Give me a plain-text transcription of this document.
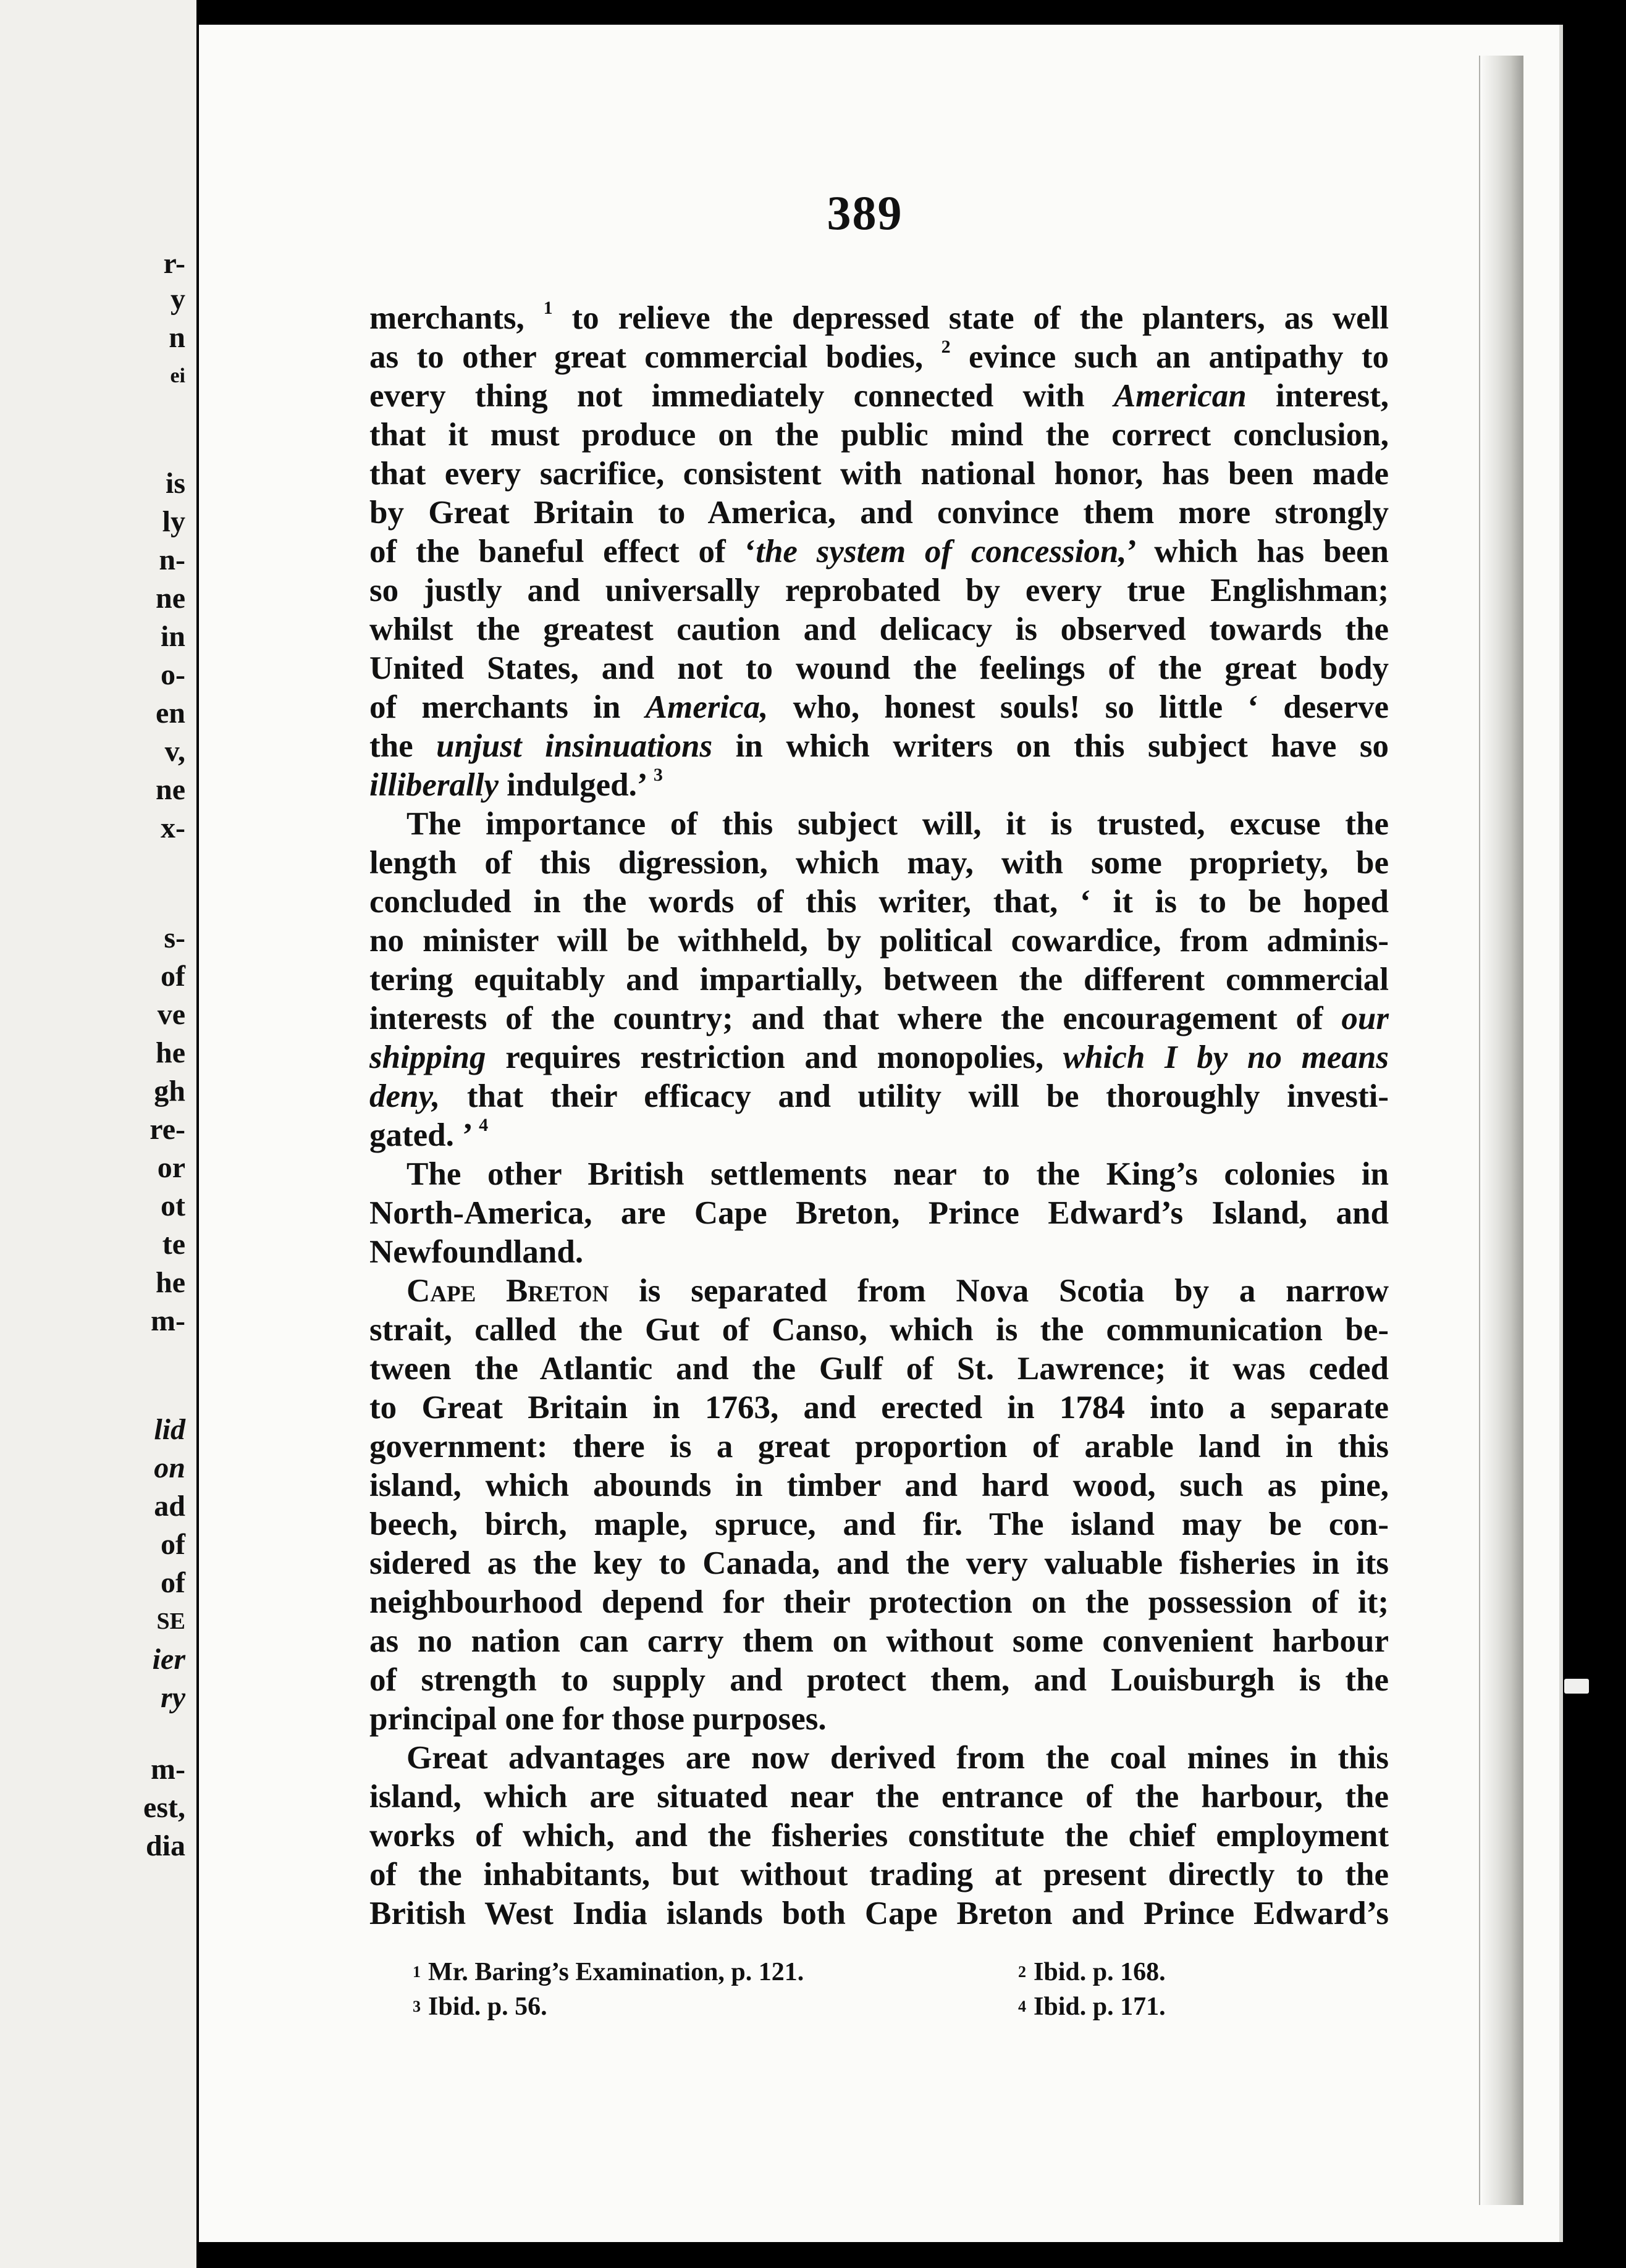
r-
y
n
ei
is
ly
n-
ne
in
o-
en
v,
ne
x-
s-
of
ve
he
gh
re-
or
ot
te
he
m-
lid
on
ad
of
of
SE
ier
ry
m-
est,
dia
389
merchants, $^1$ to relieve the depressed state of the planters, as well
as to other great commercial bodies, $^2$ evince such an antipathy to
every thing not immediately connected with American interest,
that it must produce on the public mind the correct conclusion,
that every sacrifice, consistent with national honor, has been made
by Great Britain to America, and convince them more strongly
of the baneful effect of ‘the system of concession,’ which has been
so justly and universally reprobated by every true Englishman;
whilst the greatest caution and delicacy is observed towards the
United States, and not to wound the feelings of the great body
of merchants in America, who, honest souls! so little ‘ deserve
the unjust insinuations in which writers on this subject have so
illiberally indulged.’ $^3$
The importance of this subject will, it is trusted, excuse the
length of this digression, which may, with some propriety, be
concluded in the words of this writer, that, ‘ it is to be hoped
no minister will be withheld, by political cowardice, from adminis-
tering equitably and impartially, between the different commercial
interests of the country; and that where the encouragement of our
shipping requires restriction and monopolies, which I by no means
deny, that their efficacy and utility will be thoroughly investi-
gated. ’ $^4$
The other British settlements near to the King’s colonies in
North-America, are Cape Breton, Prince Edward’s Island, and
Newfoundland.
Cape Breton is separated from Nova Scotia by a narrow
strait, called the Gut of Canso, which is the communication be-
tween the Atlantic and the Gulf of St. Lawrence; it was ceded
to Great Britain in 1763, and erected in 1784 into a separate
government: there is a great proportion of arable land in this
island, which abounds in timber and hard wood, such as pine,
beech, birch, maple, spruce, and fir. The island may be con-
sidered as the key to Canada, and the very valuable fisheries in its
neighbourhood depend for their protection on the possession of it;
as no nation can carry them on without some convenient harbour
of strength to supply and protect them, and Louisburgh is the
principal one for those purposes.
Great advantages are now derived from the coal mines in this
island, which are situated near the entrance of the harbour, the
works of which, and the fisheries constitute the chief employment
of the inhabitants, but without trading at present directly to the
British West India islands both Cape Breton and Prince Edward’s
$^1$ Mr. Baring’s Examination, p. 121.	$^2$ Ibid. p. 168.
$^3$ Ibid. p. 56.	$^4$ Ibid. p. 171.
